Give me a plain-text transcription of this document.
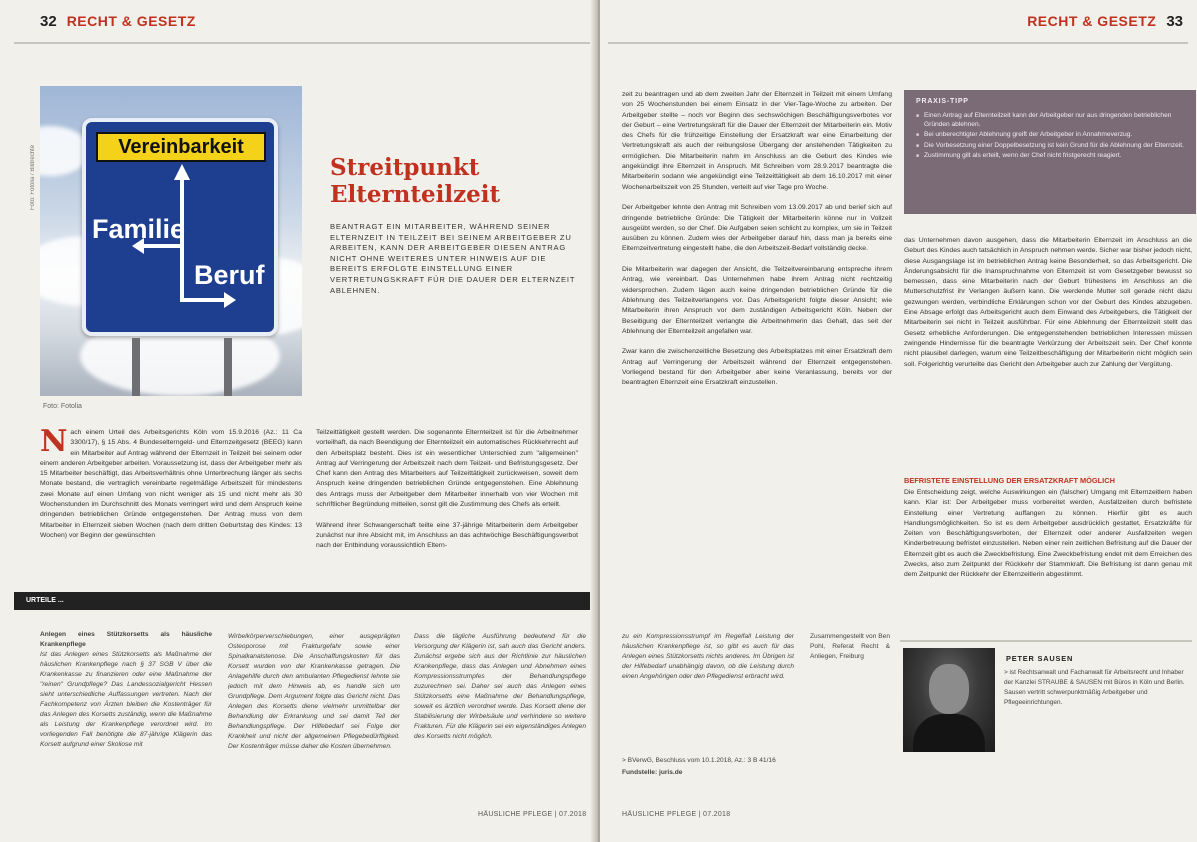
32 RECHT & GESETZ
Foto: Fotolia / Bildrechte	Vereinbarkeit
Familie
Beruf
Foto: Fotolia
Streitpunkt
Elternteilzeit
BEANTRAGT EIN MITARBEITER, WÄHREND SEINER ELTERNZEIT IN TEILZEIT BEI SEINEM ARBEITGEBER ZU ARBEITEN, KANN DER ARBEITGEBER DIESEN ANTRAG NICHT OHNE WEITERES UNTER HINWEIS AUF DIE BEREITS ERFOLGTE EINSTELLUNG EINER VERTRETUNGSKRAFT FÜR DIE DAUER DER ELTERNZEIT ABLEHNEN.
Nach einem Urteil des Arbeitsgerichts Köln vom 15.9.2016 (Az.: 11 Ca 3300/17), § 15 Abs. 4 Bundeselterngeld- und Elternzeitgesetz (BEEG) kann ein Mitarbeiter auf Antrag während der Elternzeit in Teilzeit bei seinem oder einem anderen Arbeitgeber arbeiten. Voraussetzung ist, dass der Arbeitgeber mehr als 15 Mitarbeiter beschäftigt, das Arbeitsverhältnis ohne Unterbrechung länger als sechs Monate bestand, die vertraglich vereinbarte regelmäßige Arbeitszeit für mindestens zwei Monate auf einen Umfang von nicht weniger als 15 und nicht mehr als 30 Wochenstunden im Durchschnitt des Monats verringert wird und dem Anspruch keine dringenden betrieblichen Gründe entgegenstehen. Der Antrag muss von dem Mitarbeiter in Elternzeit sieben Wochen (nach dem dritten Geburtstag des Kindes: 13 Wochen) vor Beginn der gewünschten
Teilzeittätigkeit gestellt werden. Die sogenannte Elternteilzeit ist für die Arbeitnehmer vorteilhaft, da nach Beendigung der Elternteilzeit ein automatisches Rückkehrrecht auf den Arbeitsplatz besteht. Dies ist ein wesentlicher Unterschied zum "allgemeinen" Antrag auf Verringerung der Arbeitszeit nach dem Teilzeit- und Befristungsgesetz. Der Chef kann den Antrag des Mitarbeiters auf Teilzeittätigkeit zurückweisen, soweit dem Anspruch keine dringenden betrieblichen Gründe entgegenstehen. Eine Ablehnung des Antrags muss der Arbeitgeber dem Mitarbeiter innerhalb von vier Wochen mit schriftlicher Begründung mitteilen, sonst gilt die Zustimmung des Chefs als erteilt.

Während ihrer Schwangerschaft teilte eine 37-jährige Mitarbeiterin dem Arbeitgeber zunächst nur ihre Absicht mit, im Anschluss an das achtwöchige Beschäftigungsverbot nach der Entbindung voraussichtlich Eltern-
URTEILE ...
Anlegen eines Stützkorsetts als häusliche Krankenpflege
Ist das Anlegen eines Stützkorsetts als Maßnahme der häuslichen Krankenpflege nach § 37 SGB V über die Krankenkasse zu finanzieren oder eine Maßnahme der "reinen" Grundpflege? Das Landessozialgericht Hessen sieht unterschiedliche Auffassungen vertreten. Nach der Fachkompetenz von Ärzten bleiben die Kostenträger für das Anlegen des Korsetts zuständig, wenn die Maßnahme als Leistung der Krankenpflege verordnet wird. Im vorliegenden Fall benötigte die 87-jährige Klägerin das Korsett aufgrund einer Skoliose mit
Wirbelkörperverschiebungen, einer ausgeprägten Osteoporose mit Frakturgefahr sowie einer Spinalkanalstenose. Die Anschaffungskosten für das Korsett wurden von der Krankenkasse getragen. Die Anlagehilfe durch den ambulanten Pflegedienst lehnte sie jedoch mit dem Hinweis ab, es handle sich um Grundpflege. Dem Argument folgte das Gericht nicht. Das Anlegen des Korsetts diene vielmehr unmittelbar der Behandlung der Erkrankung und sei damit Teil der Behandlungspflege. Der Hilfebedarf sei Folge der Krankheit und nicht der allgemeinen Pflegebedürftigkeit. Der Kostenträger müsse daher die Kosten übernehmen.
Dass die tägliche Ausführung bedeutend für die Versorgung der Klägerin ist, sah auch das Gericht anders. Zunächst ergebe sich aus der Richtlinie zur häuslichen Krankenpflege, dass das Anlegen und Abnehmen eines Kompressionsstrumpfes der Behandlungspflege zuzurechnen sei. Daher sei auch das Anlegen eines Stützkorsetts eine Maßnahme der Behandlungspflege, soweit es ärztlich verordnet werde. Das Korsett diene der Stabilisierung der Wirbelsäule und verhindere so weitere Frakturen. Für die Klägerin sei ein eigenständiges Anlegen des Korsetts nicht möglich.
HÄUSLICHE PFLEGE | 07.2018
RECHT & GESETZ 33
zeit zu beantragen und ab dem zweiten Jahr der Elternzeit in Teilzeit mit einem Umfang von 25 Wochenstunden bei einem Einsatz in der Vier-Tage-Woche zu arbeiten. Der Arbeitgeber stellte – noch vor Beginn des sechswöchigen Beschäftigungsverbotes vor der Geburt – eine Vertretungskraft für die Dauer der Elternzeit der Mitarbeiterin ein. Motiv des Chefs für die frühzeitige Einstellung der Ersatzkraft war eine Einarbeitung der Vertretungskraft als auch der reibungslose Übergang der anstehenden Tätigkeiten zu ermöglichen. Die Mitarbeiterin nahm im Anschluss an die Geburt des Kindes wie angekündigt ihre Elternzeit in Anspruch. Mit Schreiben vom 28.9.2017 beantragte die Mitarbeiterin sodann wie angekündigt eine Teilzeittätigkeit ab dem 16.10.2017 mit einer Wochenarbeitszeit von 25 Stunden, verteilt auf vier Tage pro Woche.

Der Arbeitgeber lehnte den Antrag mit Schreiben vom 13.09.2017 ab und berief sich auf dringende betriebliche Gründe: Die Tätigkeit der Mitarbeiterin könne nur in Vollzeit ausgeübt werden, so der Chef. Die Aufgaben seien schlicht zu komplex, um sie in Teilzeit ausüben zu können. Zudem wies der Arbeitgeber darauf hin, dass man ja bereits eine Elternzeitvertretung eingestellt habe, die den Arbeitszeit-Bedarf vollständig decke.

Die Mitarbeiterin war dagegen der Ansicht, die Teilzeitvereinbarung entspreche ihrem Antrag, wie vereinbart. Das Unternehmen habe ihrem Antrag nicht rechtzeitig widersprochen. Zudem lägen auch keine dringenden betrieblichen Gründe für die Ablehnung des Teilzeitverlangens vor. Das Arbeitsgericht folgte dieser Ansicht; wie Mitarbeiterin ihren Anspruch vor dem zuständigen Arbeitsgericht Köln. Neben der Beseitigung der Elternteilzeit verlangte die Arbeitnehmerin das Gehalt, das seit der Ablehnung der Elternteilzeit angefallen war.

Zwar kann die zwischenzeitliche Besetzung des Arbeitsplatzes mit einer Ersatzkraft dem Antrag auf Verringerung der Arbeitszeit während der Elternzeit entgegenstehen. Vorliegend bestand für den Arbeitgeber aber keine Veranlassung, bereits vor der beantragten Elternzeit eine Ersatzkraft einzustellen.
PRAXIS-TIPP
■ Einen Antrag auf Elternteilzeit kann der Arbeitgeber nur aus dringenden betrieblichen Gründen ablehnen.
■ Bei unberechtigter Ablehnung greift der Arbeitgeber in Annahmeverzug.
■ Die Vorbesetzung einer Doppelbesetzung ist kein Grund für die Ablehnung der Elternzeit.
■ Zustimmung gilt als erteilt, wenn der Chef nicht fristgerecht reagiert.
das Unternehmen davon ausgehen, dass die Mitarbeiterin Elternzeit im Anschluss an die Geburt des Kindes auch tatsächlich in Anspruch nehmen werde. Sicher war bisher jedoch nicht, diese Ausgangslage ist im betrieblichen Antrag keine Besonderheit, so das Arbeitsgericht. Die Änderungsabsicht für die Inanspruchnahme von Elternzeit ist vom Gesetzgeber bewusst so bemessen, dass eine Mitarbeiterin nach der Geburt frühestens im Anschluss an die Mutterschutzfrist ihr Verlangen äußern kann. Die werdende Mutter soll gerade nicht dazu gezwungen werden, verbindliche Erklärungen schon vor der Geburt des Kindes abzugeben. Eine Absage erfolgt das Arbeitsgericht auch dem Einwand des Arbeitgebers, die Tätigkeit der Mitarbeiterin sei nicht in Teilzeit ausführbar. Für eine Ablehnung der Elternteilzeit stellt das Gesetz erhebliche Anforderungen. Die entgegenstehenden betrieblichen Interessen müssen zwingende Hindernisse für die beantragte Verkürzung der Arbeitszeit sein. Der Chef konnte nicht plausibel darlegen, warum eine Teilzeitbeschäftigung der Mitarbeiterin nicht möglich sein soll. Folgerichtig verurteilte das Gericht den Arbeitgeber auch zur Zahlung der Vergütung.
BEFRISTETE EINSTELLUNG DER ERSATZKRAFT MÖGLICH
Die Entscheidung zeigt, welche Auswirkungen ein (falscher) Umgang mit Elternzeitlern haben kann. Klar ist: Der Arbeitgeber muss vorbereitet werden, Ausfallzeiten durch befristete Einstellung einer Vertretung auffangen zu können. Hierfür gibt es auch Handlungsmöglichkeiten. So ist es dem Arbeitgeber ausdrücklich gestattet, Ersatzkräfte für Zeiten von Beschäftigungsverboten, der Elternzeit oder anderer Ausfallzeiten wegen Kinderbetreuung befristet einzustellen. Neben einer rein zeitlichen Befristung auf die Dauer der Elternzeit gibt es auch die Zweckbefristung. Eine Zweckbefristung endet mit dem Erreichen des Zwecks, also zum Zeitpunkt der Rückkehr der Stammkraft. Die Befristung ist dann genau mit dem Zeitpunkt der Rückkehr der Elternzeitlerin abgestimmt.
zu ein Kompressionsstrumpf im Regelfall Leistung der häuslichen Krankenpflege ist, so gibt es auch für das Anlegen eines Stützkorsetts nichts anderes. Im Übrigen ist der Hilfebedarf unabhängig davon, ob die Leistung durch einen Angehörigen oder den Pflegedienst erbracht wird.
> BVerwG, Beschluss vom 10.1.2018, Az.: 3 B 41/16
Fundstelle: juris.de
Zusammengestellt von Ben Pohl, Referat Recht & Anliegen, Freiburg	PETER SAUSEN
> ist Rechtsanwalt und Fachanwalt für Arbeitsrecht und Inhaber der Kanzlei STRAUBE & SAUSEN mit Büros in Köln und Berlin. Sausen vertritt schwerpunktmäßig Arbeitgeber und Pflegeeinrichtungen.
HÄUSLICHE PFLEGE | 07.2018
